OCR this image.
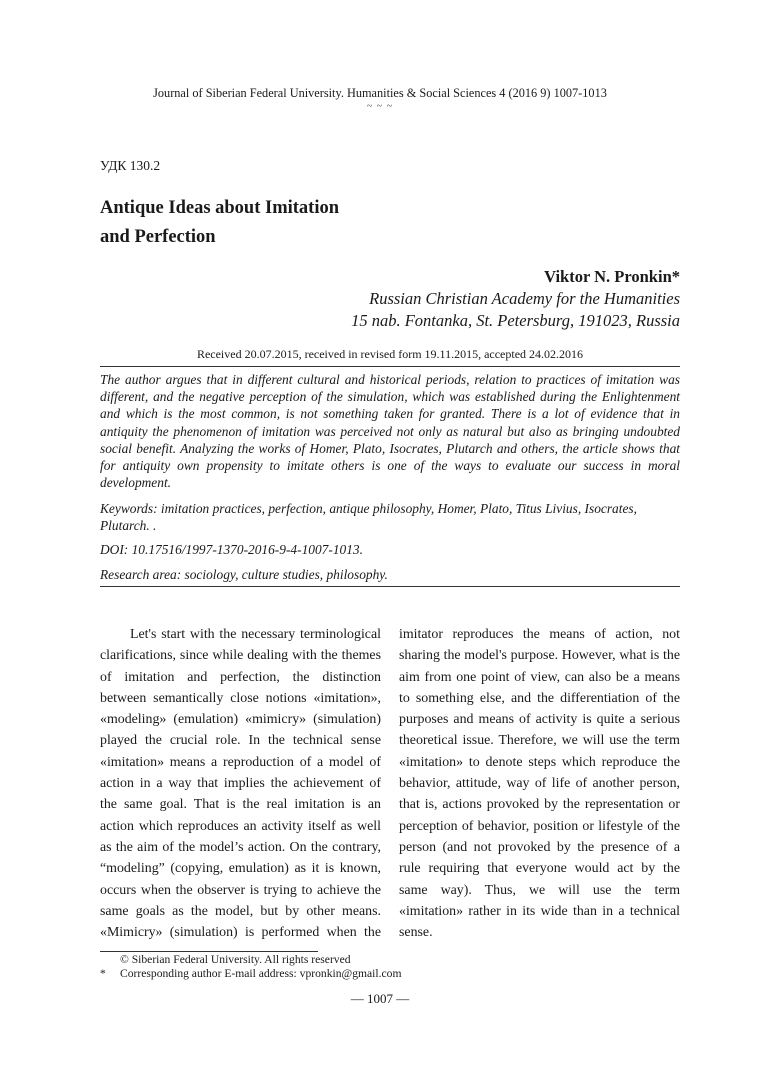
Journal of Siberian Federal University. Humanities & Social Sciences 4 (2016 9) 1007-1013
~ ~ ~
УДК 130.2
Antique Ideas about Imitation
and Perfection
Viktor N. Pronkin*
Russian Christian Academy for the Humanities
15 nab. Fontanka, St. Petersburg, 191023, Russia
Received 20.07.2015, received in revised form 19.11.2015, accepted 24.02.2016
The author argues that in different cultural and historical periods, relation to practices of imitation was different, and the negative perception of the simulation, which was established during the Enlightenment and which is the most common, is not something taken for granted. There is a lot of evidence that in antiquity the phenomenon of imitation was perceived not only as natural but also as bringing undoubted social benefit. Analyzing the works of Homer, Plato, Isocrates, Plutarch and others, the article shows that for antiquity own propensity to imitate others is one of the ways to evaluate our success in moral development.
Keywords: imitation practices, perfection, antique philosophy, Homer, Plato, Titus Livius, Isocrates, Plutarch. .
DOI: 10.17516/1997-1370-2016-9-4-1007-1013.
Research area: sociology, culture studies, philosophy.

Let's start with the necessary terminological clarifications, since while dealing with the themes of imitation and perfection, the distinction between semantically close notions «imitation», «modeling» (emulation) «mimicry» (simulation) played the crucial role. In the technical sense «imitation» means a reproduction of a model of action in a way that implies the achievement of the same goal. That is the real imitation is an action which reproduces an activity itself as well as the aim of the model’s action. On the contrary, “modeling” (copying, emulation) as it is known, occurs when the observer is trying to achieve the same goals as the model, but by other means. «Mimicry» (simulation) is performed when the

imitator reproduces the means of action, not sharing the model's purpose. However, what is the aim from one point of view, can also be a means to something else, and the differentiation of the purposes and means of activity is quite a serious theoretical issue. Therefore, we will use the term «imitation» to denote steps which reproduce the behavior, attitude, way of life of another person, that is, actions provoked by the representation or perception of behavior, position or lifestyle of the person (and not provoked by the presence of a rule requiring that everyone would act by the same way). Thus, we will use the term «imitation» rather in its wide than in a technical sense.

© Siberian Federal University. All rights reserved
* Corresponding author E-mail address: vpronkin@gmail.com
— 1007 —
